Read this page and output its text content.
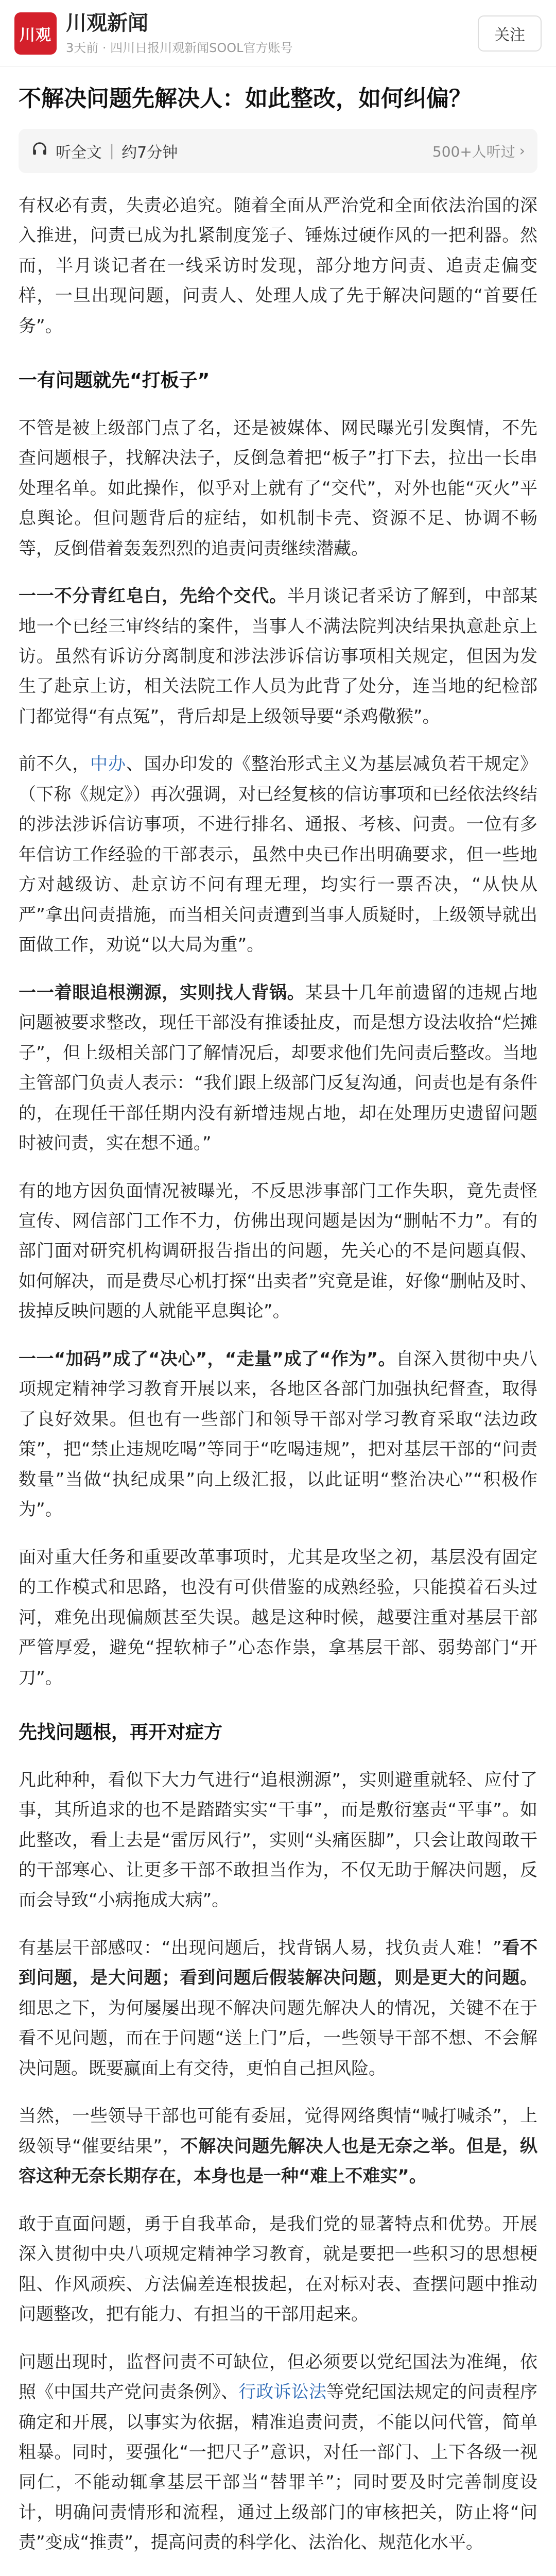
川观 川观新闻
3天前 · 四川日报川观新闻SOOL官方账号
关注
不解决问题先解决人：如此整改，如何纠偏？
听全文 | 约7分钟	500+人听过 ›

有权必有责，失责必追究。随着全面从严治党和全面依法治国的深入推进，问责已成为扎紧制度笼子、锤炼过硬作风的一把利器。然而，半月谈记者在一线采访时发现，部分地方问责、追责走偏变样，一旦出现问题，问责人、处理人成了先于解决问题的“首要任务”。

一有问题就先“打板子”

不管是被上级部门点了名，还是被媒体、网民曝光引发舆情，不先查问题根子，找解决法子，反倒急着把“板子”打下去，拉出一长串处理名单。如此操作，似乎对上就有了“交代”，对外也能“灭火”平息舆论。但问题背后的症结，如机制卡壳、资源不足、协调不畅等，反倒借着轰轰烈烈的追责问责继续潜藏。

一一不分青红皂白，先给个交代。半月谈记者采访了解到，中部某地一个已经三审终结的案件，当事人不满法院判决结果执意赴京上访。虽然有诉访分离制度和涉法涉诉信访事项相关规定，但因为发生了赴京上访，相关法院工作人员为此背了处分，连当地的纪检部门都觉得“有点冤”，背后却是上级领导要“杀鸡儆猴”。

前不久，中办、国办印发的《整治形式主义为基层减负若干规定》（下称《规定》）再次强调，对已经复核的信访事项和已经依法终结的涉法涉诉信访事项，不进行排名、通报、考核、问责。一位有多年信访工作经验的干部表示，虽然中央已作出明确要求，但一些地方对越级访、赴京访不问有理无理，均实行一票否决，“从快从严”拿出问责措施，而当相关问责遭到当事人质疑时，上级领导就出面做工作，劝说“以大局为重”。

一一着眼追根溯源，实则找人背锅。某县十几年前遗留的违规占地问题被要求整改，现任干部没有推诿扯皮，而是想方设法收拾“烂摊子”，但上级相关部门了解情况后，却要求他们先问责后整改。当地主管部门负责人表示：“我们跟上级部门反复沟通，问责也是有条件的，在现任干部任期内没有新增违规占地，却在处理历史遗留问题时被问责，实在想不通。”

有的地方因负面情况被曝光，不反思涉事部门工作失职，竟先责怪宣传、网信部门工作不力，仿佛出现问题是因为“删帖不力”。有的部门面对研究机构调研报告指出的问题，先关心的不是问题真假、如何解决，而是费尽心机打探“出卖者”究竟是谁，好像“删帖及时、拔掉反映问题的人就能平息舆论”。

一一“加码”成了“决心”，“走量”成了“作为”。自深入贯彻中央八项规定精神学习教育开展以来，各地区各部门加强执纪督查，取得了良好效果。但也有一些部门和领导干部对学习教育采取“法边政策”，把“禁止违规吃喝”等同于“吃喝违规”，把对基层干部的“问责数量”当做“执纪成果”向上级汇报，以此证明“整治决心”“积极作为”。

面对重大任务和重要改革事项时，尤其是攻坚之初，基层没有固定的工作模式和思路，也没有可供借鉴的成熟经验，只能摸着石头过河，难免出现偏颇甚至失误。越是这种时候，越要注重对基层干部严管厚爱，避免“捏软柿子”心态作祟，拿基层干部、弱势部门“开刀”。

先找问题根，再开对症方

凡此种种，看似下大力气进行“追根溯源”，实则避重就轻、应付了事，其所追求的也不是踏踏实实“干事”，而是敷衍塞责“平事”。如此整改，看上去是“雷厉风行”，实则“头痛医脚”，只会让敢闯敢干的干部寒心、让更多干部不敢担当作为，不仅无助于解决问题，反而会导致“小病拖成大病”。

有基层干部感叹：“出现问题后，找背锅人易，找负责人难！”看不到问题，是大问题；看到问题后假装解决问题，则是更大的问题。细思之下，为何屡屡出现不解决问题先解决人的情况，关键不在于看不见问题，而在于问题“送上门”后，一些领导干部不想、不会解决问题。既要赢面上有交待，更怕自己担风险。

当然，一些领导干部也可能有委屈，觉得网络舆情“喊打喊杀”，上级领导“催要结果”，不解决问题先解决人也是无奈之举。但是，纵容这种无奈长期存在，本身也是一种“难上不难实”。

敢于直面问题，勇于自我革命，是我们党的显著特点和优势。开展深入贯彻中央八项规定精神学习教育，就是要把一些积习的思想梗阻、作风顽疾、方法偏差连根拔起，在对标对表、查摆问题中推动问题整改，把有能力、有担当的干部用起来。

问题出现时，监督问责不可缺位，但必须要以党纪国法为准绳，依照《中国共产党问责条例》、行政诉讼法等党纪国法规定的问责程序确定和开展，以事实为依据，精准追责问责，不能以问代管，简单粗暴。同时，要强化“一把尺子”意识，对任一部门、上下各级一视同仁，不能动辄拿基层干部当“替罪羊”；同时要及时完善制度设计，明确问责情形和流程，通过上级部门的审核把关，防止将“问责”变成“推责”，提高问责的科学化、法治化、规范化水平。
